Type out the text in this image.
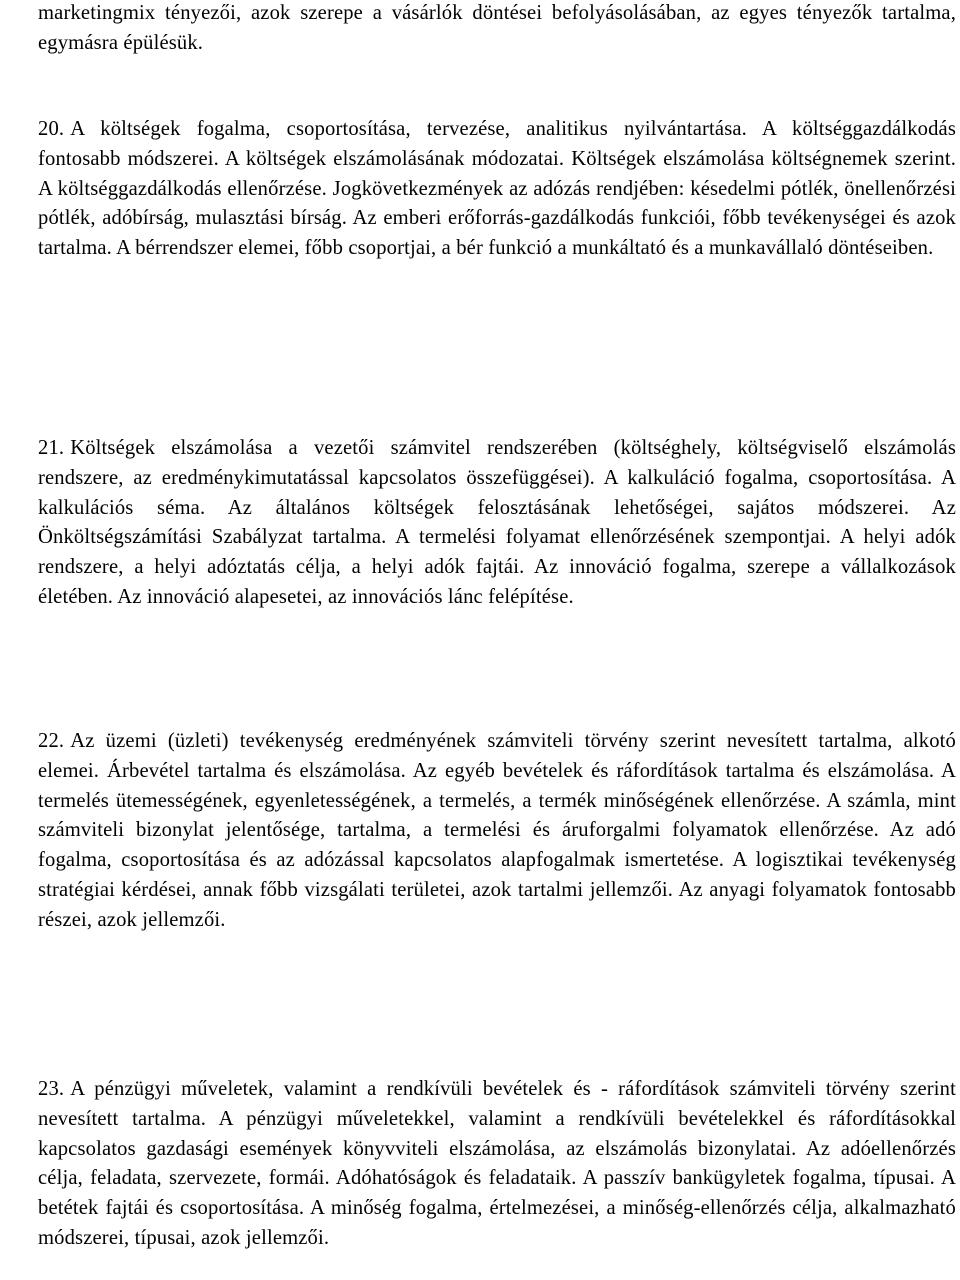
marketingmix tényezői, azok szerepe a vásárlók döntései befolyásolásában, az egyes tényezők tartalma, egymásra épülésük.

20. A költségek fogalma, csoportosítása, tervezése, analitikus nyilvántartása. A költséggazdálkodás fontosabb módszerei. A költségek elszámolásának módozatai. Költségek elszámolása költségnemek szerint. A költséggazdálkodás ellenőrzése. Jogkövetkezmények az adózás rendjében: késedelmi pótlék, önellenőrzési pótlék, adóbírság, mulasztási bírság. Az emberi erőforrás-gazdálkodás funkciói, főbb tevékenységei és azok tartalma. A bérrendszer elemei, főbb csoportjai, a bér funkció a munkáltató és a munkavállaló döntéseiben.

21. Költségek elszámolása a vezetői számvitel rendszerében (költséghely, költségviselő elszámolás rendszere, az eredménykimutatással kapcsolatos összefüggései). A kalkuláció fogalma, csoportosítása. A kalkulációs séma. Az általános költségek felosztásának lehetőségei, sajátos módszerei. Az Önköltségszámítási Szabályzat tartalma. A termelési folyamat ellenőrzésének szempontjai. A helyi adók rendszere, a helyi adóztatás célja, a helyi adók fajtái. Az innováció fogalma, szerepe a vállalkozások életében. Az innováció alapesetei, az innovációs lánc felépítése.

22. Az üzemi (üzleti) tevékenység eredményének számviteli törvény szerint nevesített tartalma, alkotó elemei. Árbevétel tartalma és elszámolása. Az egyéb bevételek és ráfordítások tartalma és elszámolása. A termelés ütemességének, egyenletességének, a termelés, a termék minőségének ellenőrzése. A számla, mint számviteli bizonylat jelentősége, tartalma, a termelési és áruforgalmi folyamatok ellenőrzése. Az adó fogalma, csoportosítása és az adózással kapcsolatos alapfogalmak ismertetése. A logisztikai tevékenység stratégiai kérdései, annak főbb vizsgálati területei, azok tartalmi jellemzői. Az anyagi folyamatok fontosabb részei, azok jellemzői.

23. A pénzügyi műveletek, valamint a rendkívüli bevételek és - ráfordítások számviteli törvény szerint nevesített tartalma. A pénzügyi műveletekkel, valamint a rendkívüli bevételekkel és ráfordításokkal kapcsolatos gazdasági események könyvviteli elszámolása, az elszámolás bizonylatai. Az adóellenőrzés célja, feladata, szervezete, formái. Adóhatóságok és feladataik. A passzív bankügyletek fogalma, típusai. A betétek fajtái és csoportosítása. A minőség fogalma, értelmezései, a minőség-ellenőrzés célja, alkalmazható módszerei, típusai, azok jellemzői.
